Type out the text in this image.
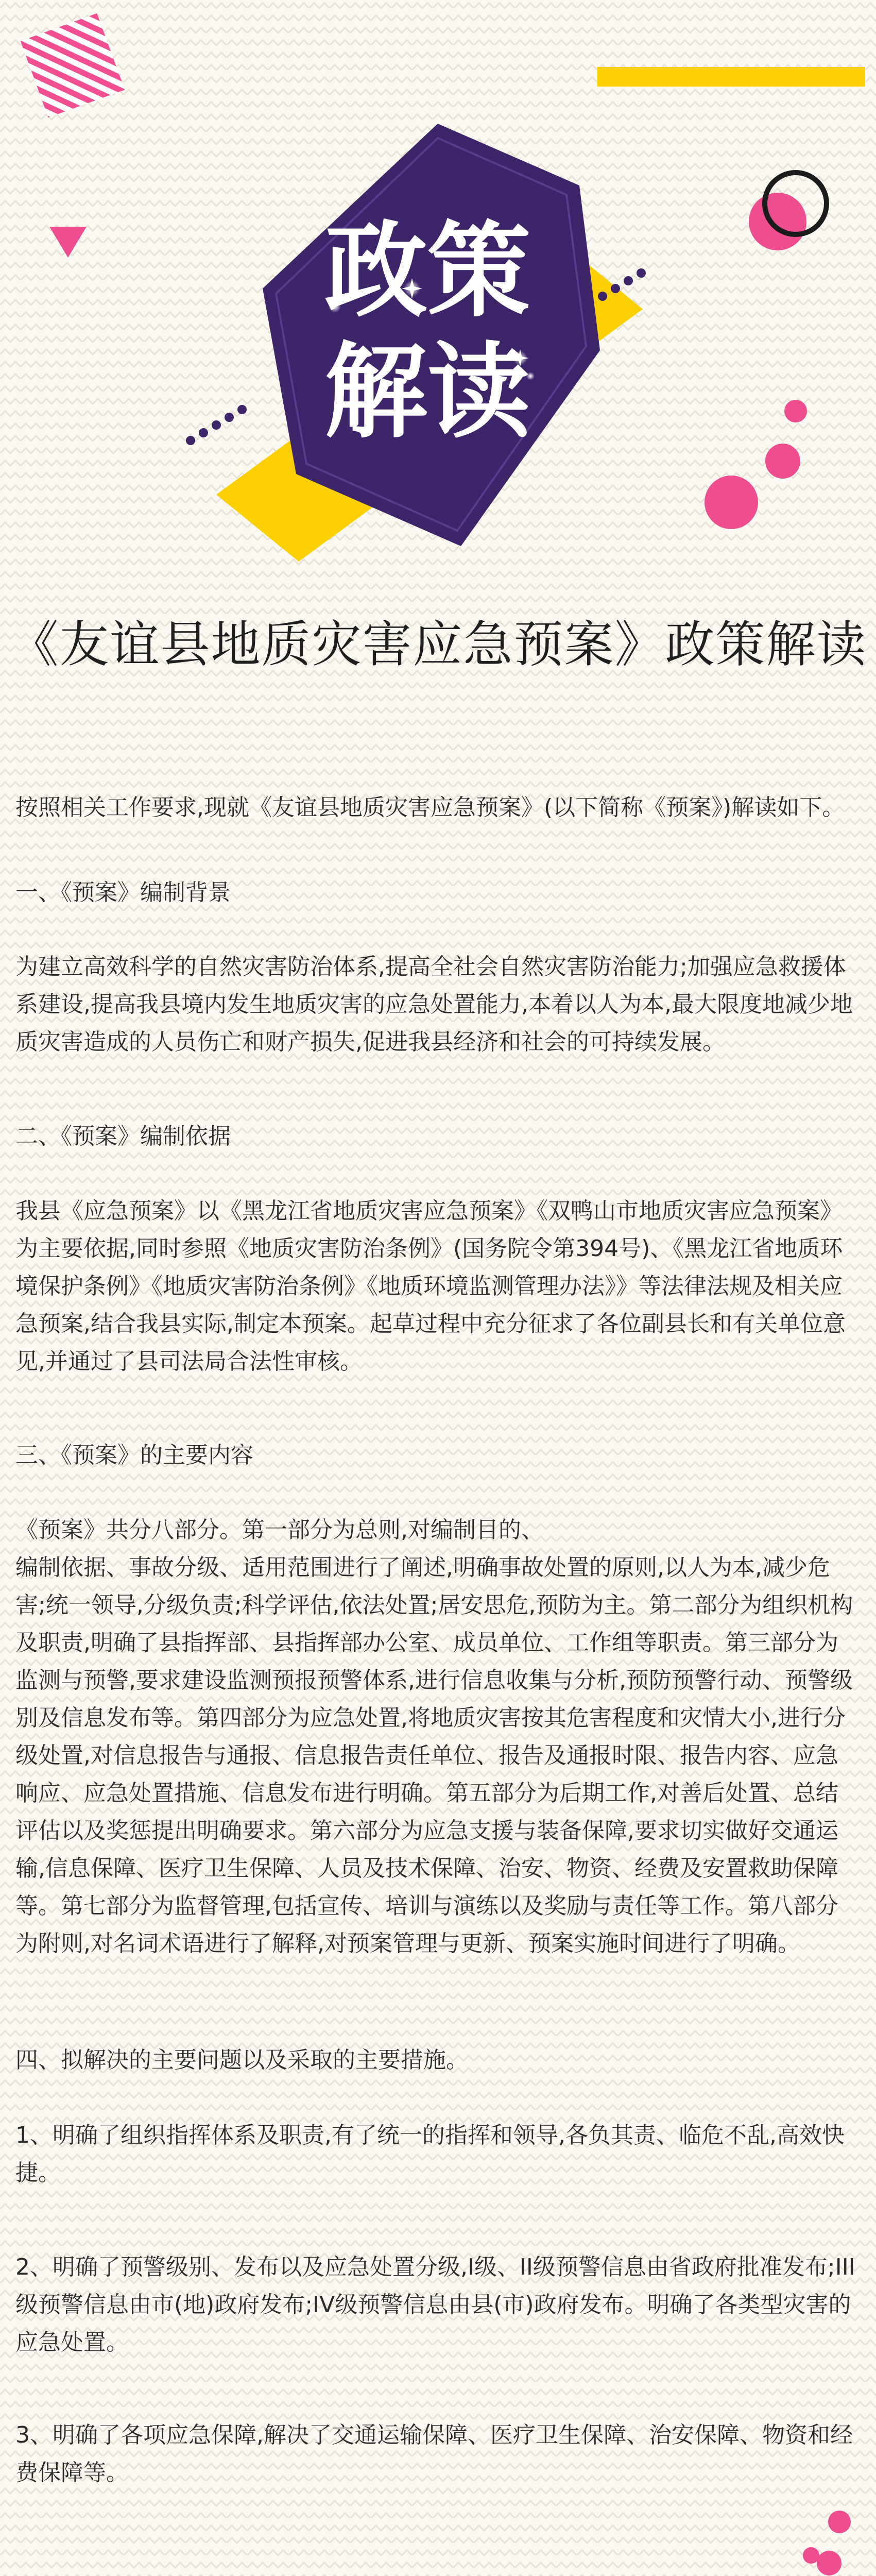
政策
解读
《友谊县地质灾害应急预案》政策解读

按照相关工作要求,现就《友谊县地质灾害应急预案》(以下简称《预案》)解读如下。

一、《预案》编制背景

为建立高效科学的自然灾害防治体系,提高全社会自然灾害防治能力;加强应急救援体系建设,提高我县境内发生地质灾害的应急处置能力,本着以人为本,最大限度地减少地质灾害造成的人员伤亡和财产损失,促进我县经济和社会的可持续发展。

二、《预案》编制依据

我县《应急预案》以《黑龙江省地质灾害应急预案》《双鸭山市地质灾害应急预案》为主要依据,同时参照《地质灾害防治条例》(国务院令第394号)、《黑龙江省地质环境保护条例》《地质灾害防治条例》《地质环境监测管理办法》》等法律法规及相关应急预案,结合我县实际,制定本预案。起草过程中充分征求了各位副县长和有关单位意见,并通过了县司法局合法性审核。

三、《预案》的主要内容

《预案》共分八部分。第一部分为总则,对编制目的、

编制依据、事故分级、适用范围进行了阐述,明确事故处置的原则,以人为本,减少危害;统一领导,分级负责;科学评估,依法处置;居安思危,预防为主。第二部分为组织机构及职责,明确了县指挥部、县指挥部办公室、成员单位、工作组等职责。第三部分为监测与预警,要求建设监测预报预警体系,进行信息收集与分析,预防预警行动、预警级别及信息发布等。第四部分为应急处置,将地质灾害按其危害程度和灾情大小,进行分级处置,对信息报告与通报、信息报告责任单位、报告及通报时限、报告内容、应急响应、应急处置措施、信息发布进行明确。第五部分为后期工作,对善后处置、总结评估以及奖惩提出明确要求。第六部分为应急支援与装备保障,要求切实做好交通运输,信息保障、医疗卫生保障、人员及技术保障、治安、物资、经费及安置救助保障等。第七部分为监督管理,包括宣传、培训与演练以及奖励与责任等工作。第八部分为附则,对名词术语进行了解释,对预案管理与更新、预案实施时间进行了明确。

四、拟解决的主要问题以及采取的主要措施。

1、明确了组织指挥体系及职责,有了统一的指挥和领导,各负其责、临危不乱,高效快捷。

2、明确了预警级别、发布以及应急处置分级,I级、II级预警信息由省政府批准发布;III级预警信息由市(地)政府发布;IV级预警信息由县(市)政府发布。明确了各类型灾害的应急处置。

3、明确了各项应急保障,解决了交通运输保障、医疗卫生保障、治安保障、物资和经费保障等。
